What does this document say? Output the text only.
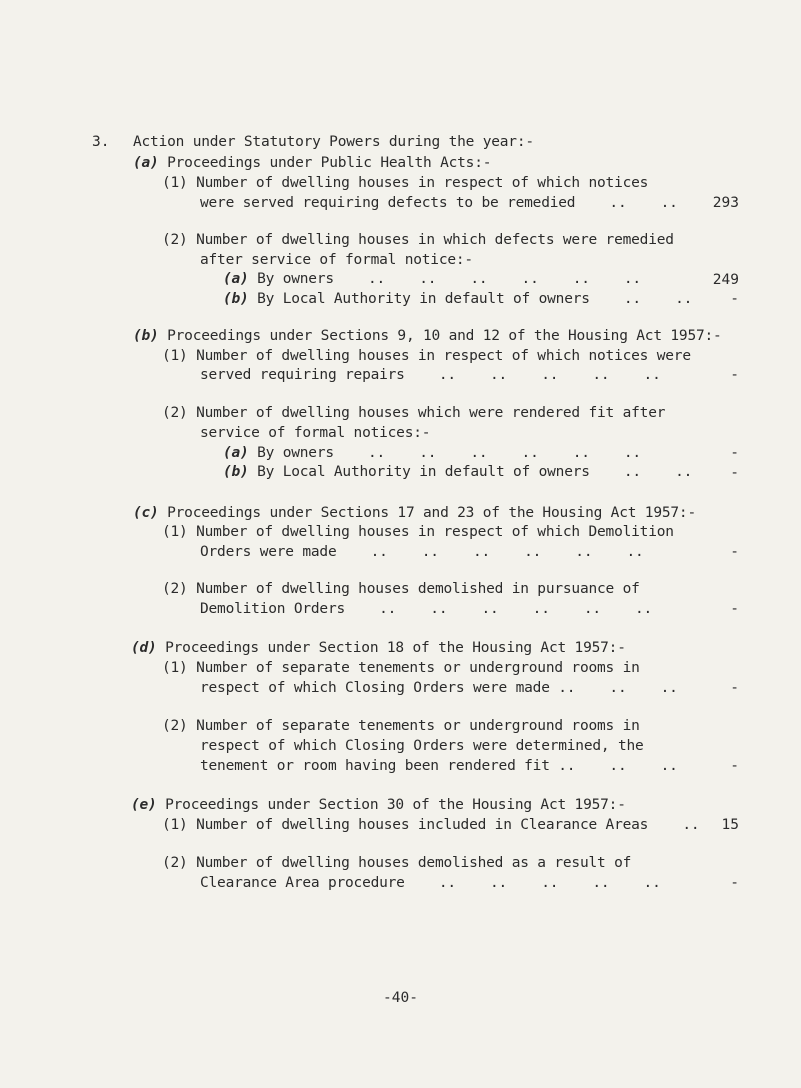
3. Action under Statutory Powers during the year:-
(a) Proceedings under Public Health Acts:-
(1) Number of dwelling houses in respect of which notices
were served requiring defects to be remedied    ..    ..	293
(2) Number of dwelling houses in which defects were remedied
after service of formal notice:-
(a) By owners    ..    ..    ..    ..    ..    ..	249
(b) By Local Authority in default of owners    ..    ..	-
(b) Proceedings under Sections 9, 10 and 12 of the Housing Act 1957:-
(1) Number of dwelling houses in respect of which notices were
served requiring repairs    ..    ..    ..    ..    ..	-
(2) Number of dwelling houses which were rendered fit after
service of formal notices:-
(a) By owners    ..    ..    ..    ..    ..    ..	-
(b) By Local Authority in default of owners    ..    ..	-
(c) Proceedings under Sections 17 and 23 of the Housing Act 1957:-
(1) Number of dwelling houses in respect of which Demolition
Orders were made    ..    ..    ..    ..    ..    ..	-
(2) Number of dwelling houses demolished in pursuance of
Demolition Orders    ..    ..    ..    ..    ..    ..	-
(d) Proceedings under Section 18 of the Housing Act 1957:-
(1) Number of separate tenements or underground rooms in
respect of which Closing Orders were made ..    ..    ..	-
(2) Number of separate tenements or underground rooms in
respect of which Closing Orders were determined, the
tenement or room having been rendered fit ..    ..    ..	-
(e) Proceedings under Section 30 of the Housing Act 1957:-
(1) Number of dwelling houses included in Clearance Areas    ..	15
(2) Number of dwelling houses demolished as a result of
Clearance Area procedure    ..    ..    ..    ..    ..	-
-40-
